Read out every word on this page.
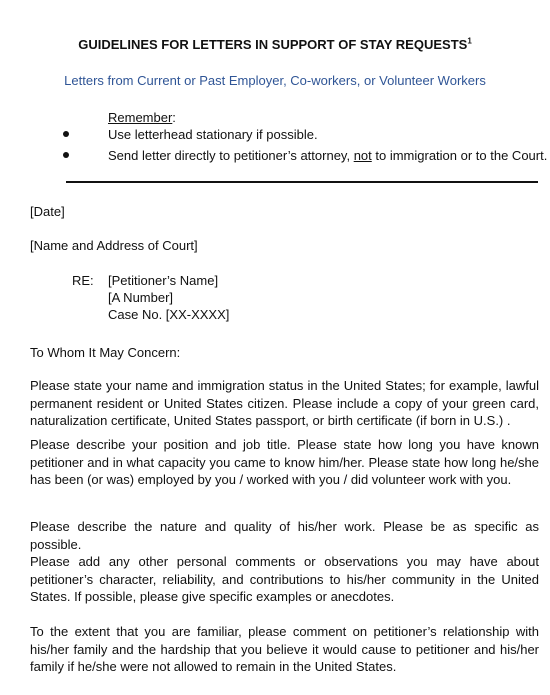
GUIDELINES FOR LETTERS IN SUPPORT OF STAY REQUESTS$^1$
Letters from Current or Past Employer, Co-workers, or Volunteer Workers
Remember:
Use letterhead stationary if possible.
Send letter directly to petitioner’s attorney, not to immigration or to the Court.
[Date]
[Name and Address of Court]
RE: [Petitioner’s Name]
[A Number]
Case No. [XX-XXXX]
To Whom It May Concern:

Please state your name and immigration status in the United States; for example, lawful permanent resident or United States citizen. Please include a copy of your green card, naturalization certificate, United States passport, or birth certificate (if born in U.S.) .

Please describe your position and job title. Please state how long you have known petitioner and in what capacity you came to know him/her. Please state how long he/she has been (or was) employed by you / worked with you / did volunteer work with you.

Please describe the nature and quality of his/her work. Please be as specific as possible.

Please add any other personal comments or observations you may have about petitioner’s character, reliability, and contributions to his/her community in the United States. If possible, please give specific examples or anecdotes.

To the extent that you are familiar, please comment on petitioner’s relationship with his/her family and the hardship that you believe it would cause to petitioner and his/her family if he/she were not allowed to remain in the United States.
